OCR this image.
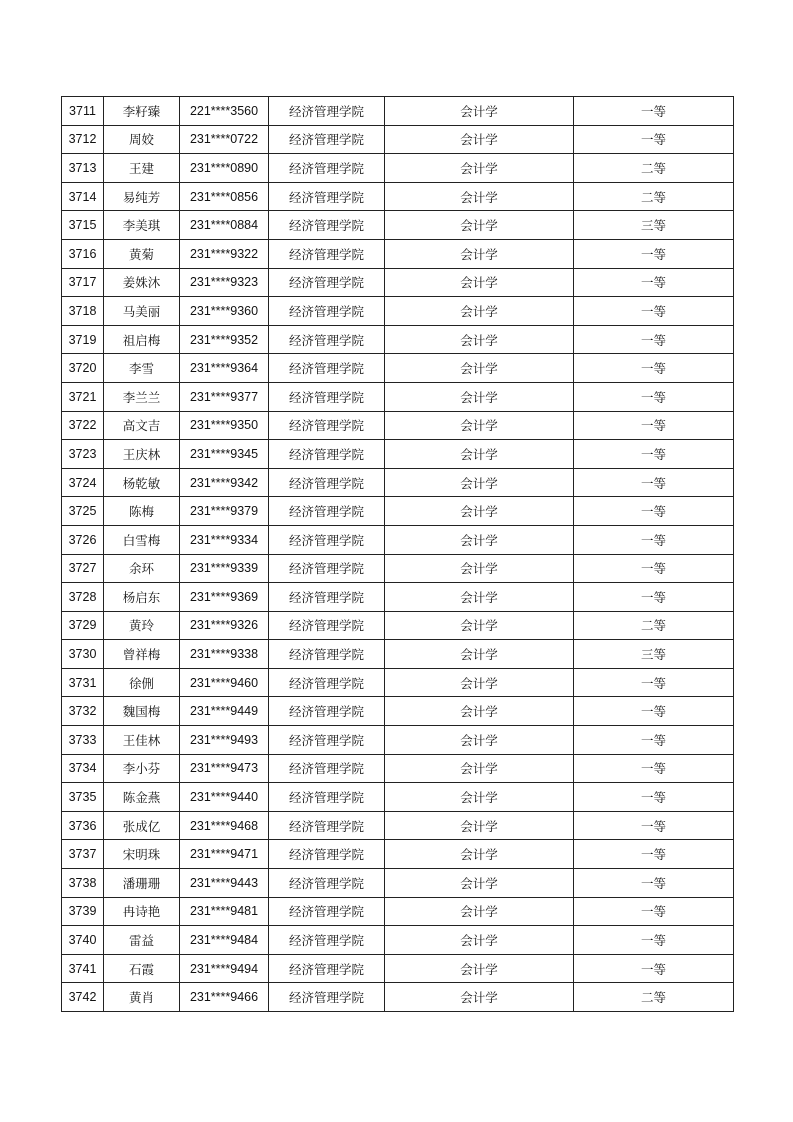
3711	李籽臻	221****3560	经济管理学院	会计学	一等
3712	周姣	231****0722	经济管理学院	会计学	一等
3713	王建	231****0890	经济管理学院	会计学	二等
3714	易纯芳	231****0856	经济管理学院	会计学	二等
3715	李美琪	231****0884	经济管理学院	会计学	三等
3716	黄菊	231****9322	经济管理学院	会计学	一等
3717	姜姝沐	231****9323	经济管理学院	会计学	一等
3718	马美丽	231****9360	经济管理学院	会计学	一等
3719	祖启梅	231****9352	经济管理学院	会计学	一等
3720	李雪	231****9364	经济管理学院	会计学	一等
3721	李兰兰	231****9377	经济管理学院	会计学	一等
3722	高文吉	231****9350	经济管理学院	会计学	一等
3723	王庆林	231****9345	经济管理学院	会计学	一等
3724	杨乾敏	231****9342	经济管理学院	会计学	一等
3725	陈梅	231****9379	经济管理学院	会计学	一等
3726	白雪梅	231****9334	经济管理学院	会计学	一等
3727	余环	231****9339	经济管理学院	会计学	一等
3728	杨启东	231****9369	经济管理学院	会计学	一等
3729	黄玲	231****9326	经济管理学院	会计学	二等
3730	曾祥梅	231****9338	经济管理学院	会计学	三等
3731	徐侀	231****9460	经济管理学院	会计学	一等
3732	魏国梅	231****9449	经济管理学院	会计学	一等
3733	王佳林	231****9493	经济管理学院	会计学	一等
3734	李小芬	231****9473	经济管理学院	会计学	一等
3735	陈金燕	231****9440	经济管理学院	会计学	一等
3736	张成亿	231****9468	经济管理学院	会计学	一等
3737	宋明珠	231****9471	经济管理学院	会计学	一等
3738	潘珊珊	231****9443	经济管理学院	会计学	一等
3739	冉诗艳	231****9481	经济管理学院	会计学	一等
3740	雷益	231****9484	经济管理学院	会计学	一等
3741	石霞	231****9494	经济管理学院	会计学	一等
3742	黄肖	231****9466	经济管理学院	会计学	二等
